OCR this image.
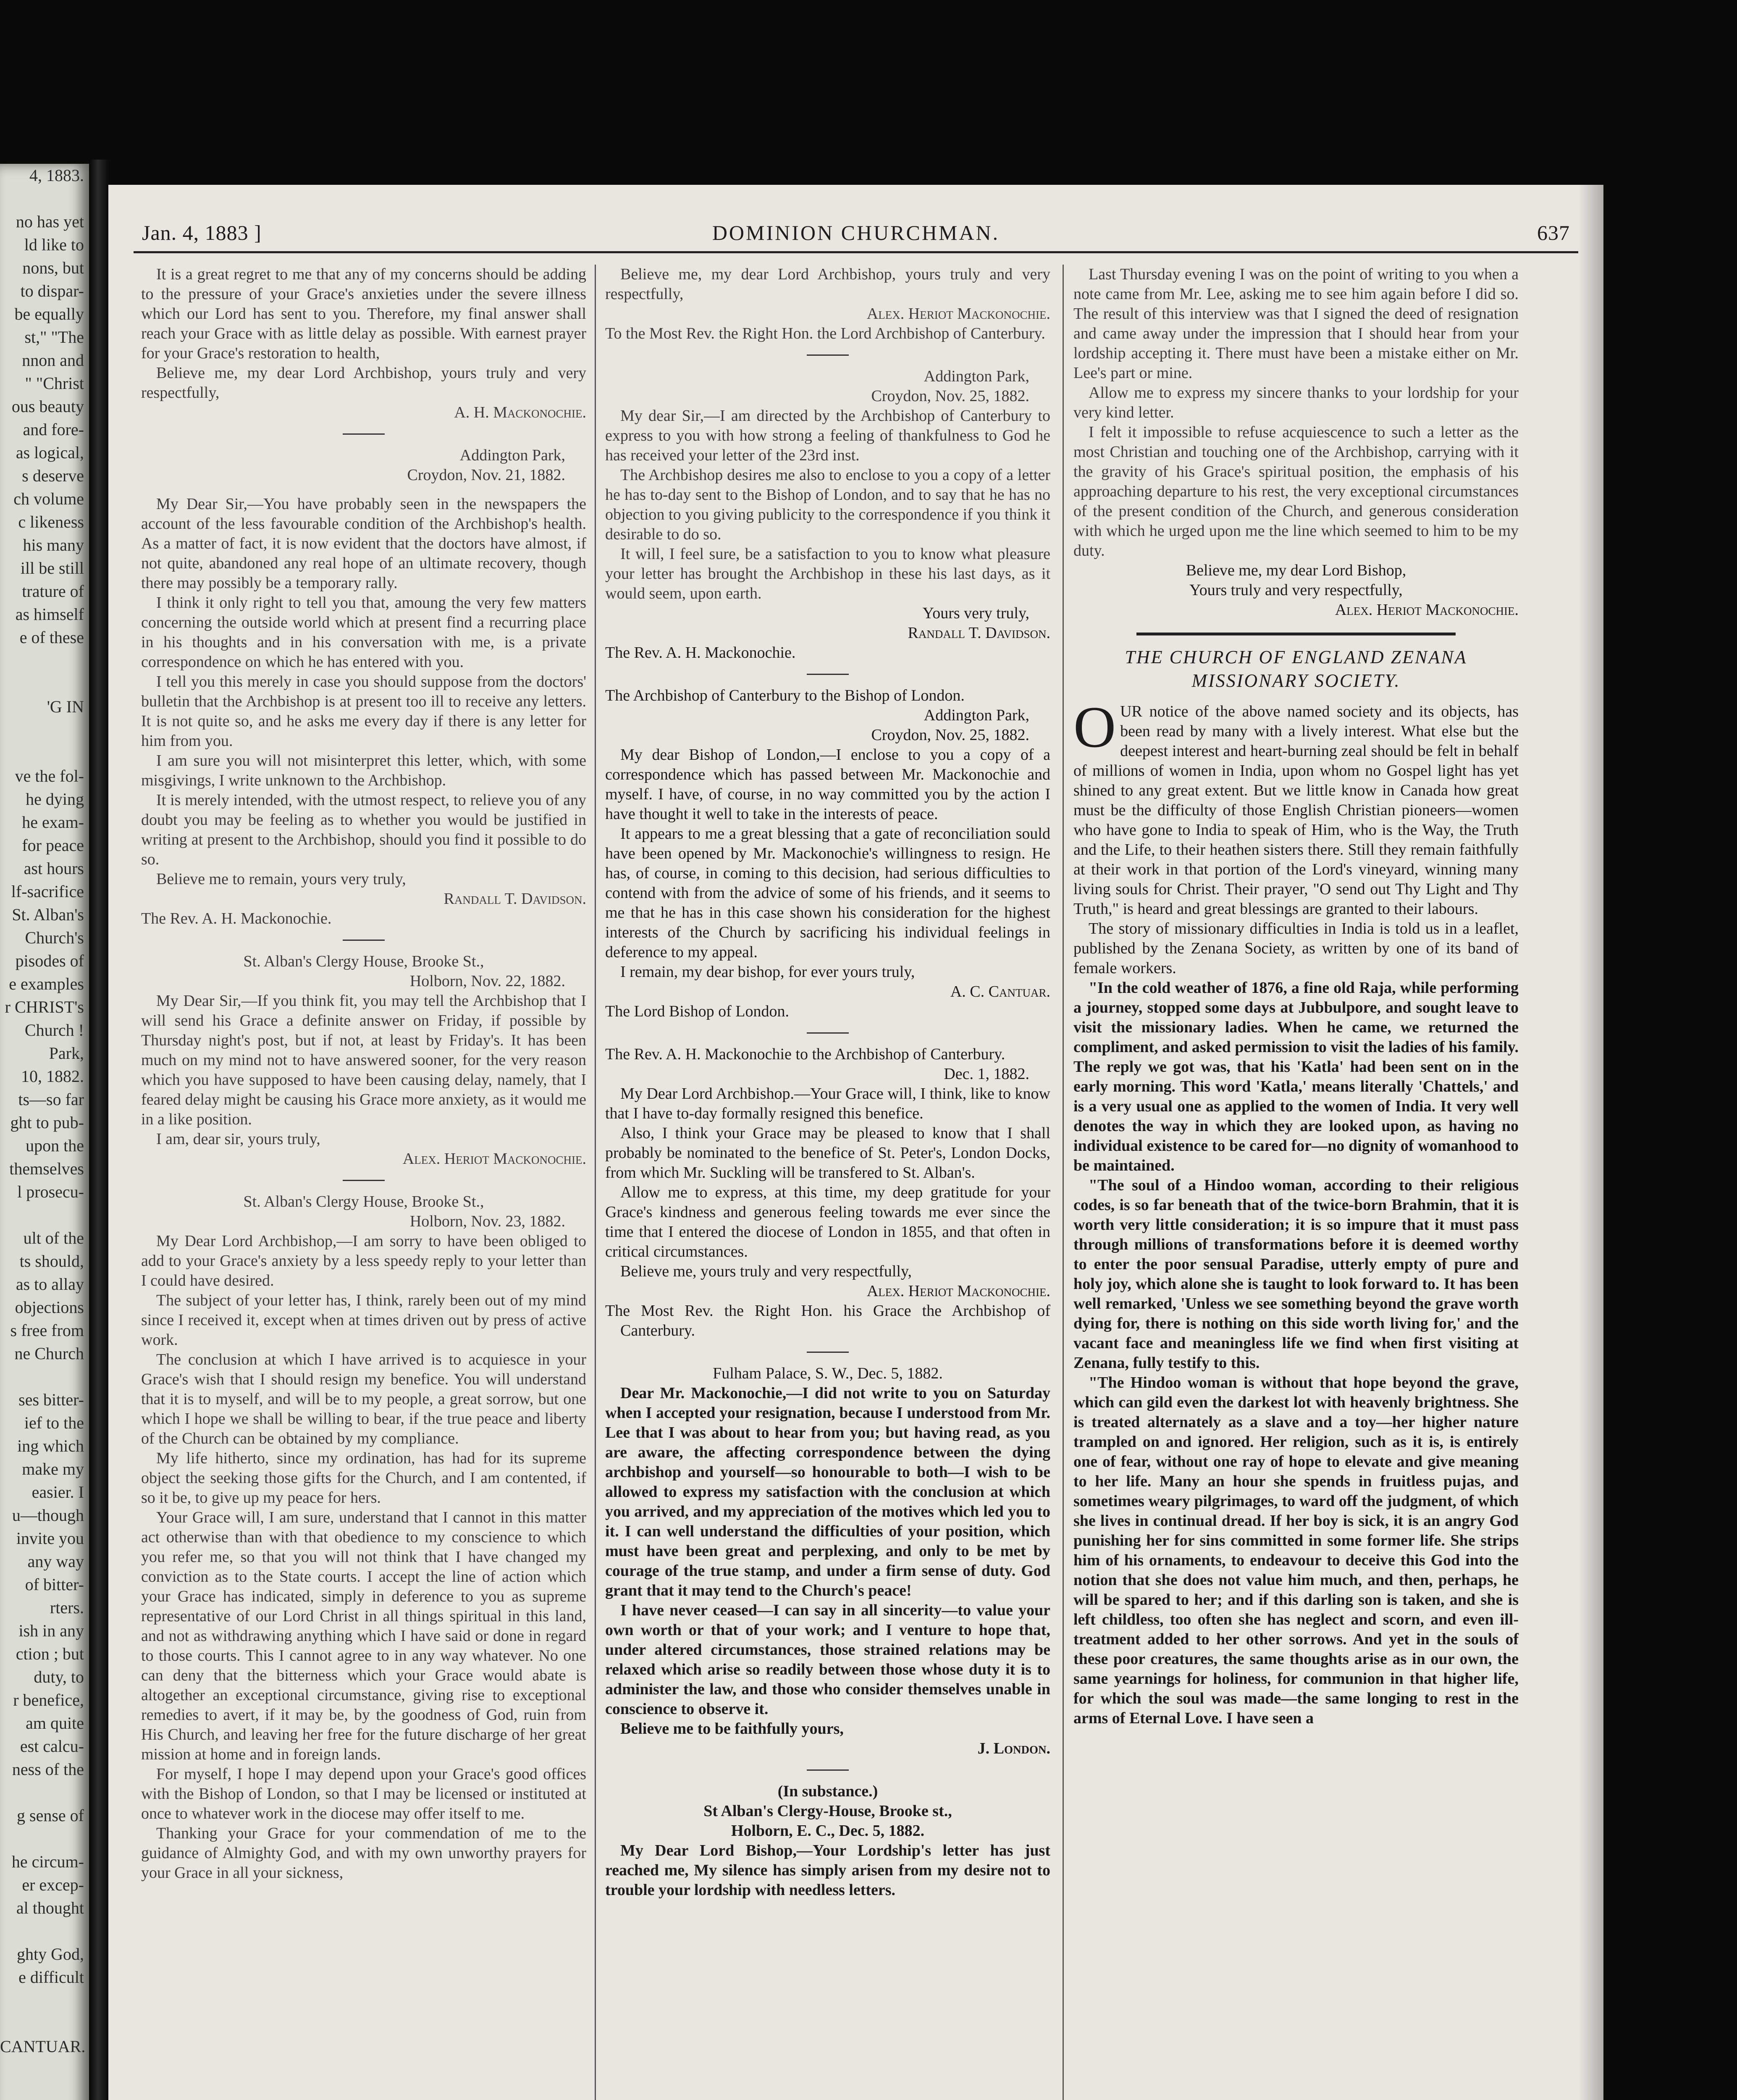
4, 1883.

no has yet
ld like to
nons, but
to dispar-
be equally
st," "The
nnon and
" "Christ
ous beauty
and fore-
as logical,
s deserve
ch volume
c likeness
his many
ill be still
trature of
as himself
e of these

'G IN

ve the fol-
he dying
he exam-
for peace
ast hours
lf-sacrifice
St. Alban's
Church's
pisodes of
e examples
r CHRIST's
Church !
Park,
10, 1882.
ts—so far
ght to pub-
upon the
themselves
l prosecu-

ult of the
ts should,
as to allay
objections
s free from
ne Church

ses bitter-
ief to the
ing which
make my
easier. I
u—though
invite you
any way
of bitter-
rters.
ish in any
ction ; but
duty, to
r benefice,
am quite
est calcu-
ness of the

g sense of

he circum-
er excep-
al thought

ghty God,
e difficult

CANTUAR.

Jan. 4, 1883 ]	DOMINION CHURCHMAN.	637

It is a great regret to me that any of my concerns should be adding to the pressure of your Grace's anxieties under the severe illness which our Lord has sent to you. Therefore, my final answer shall reach your Grace with as little delay as possible. With earnest prayer for your Grace's restoration to health,

Believe me, my dear Lord Archbishop, yours truly and very respectfully,

A. H. Mackonochie.

Addington Park,

Croydon, Nov. 21, 1882.

My Dear Sir,—You have probably seen in the newspapers the account of the less favourable condition of the Archbishop's health. As a matter of fact, it is now evident that the doctors have almost, if not quite, abandoned any real hope of an ultimate recovery, though there may possibly be a temporary rally.

I think it only right to tell you that, amoung the very few matters concerning the outside world which at present find a recurring place in his thoughts and in his conversation with me, is a private correspondence on which he has entered with you.

I tell you this merely in case you should suppose from the doctors' bulletin that the Archbishop is at present too ill to receive any letters. It is not quite so, and he asks me every day if there is any letter for him from you.

I am sure you will not misinterpret this letter, which, with some misgivings, I write unknown to the Archbishop.

It is merely intended, with the utmost respect, to relieve you of any doubt you may be feeling as to whether you would be justified in writing at present to the Archbishop, should you find it possible to do so.

Believe me to remain, yours very truly,

Randall T. Davidson.

The Rev. A. H. Mackonochie.

St. Alban's Clergy House, Brooke St.,

Holborn, Nov. 22, 1882.

My Dear Sir,—If you think fit, you may tell the Archbishop that I will send his Grace a definite answer on Friday, if possible by Thursday night's post, but if not, at least by Friday's. It has been much on my mind not to have answered sooner, for the very reason which you have supposed to have been causing delay, namely, that I feared delay might be causing his Grace more anxiety, as it would me in a like position.

I am, dear sir, yours truly,

Alex. Heriot Mackonochie.

St. Alban's Clergy House, Brooke St.,

Holborn, Nov. 23, 1882.

My Dear Lord Archbishop,—I am sorry to have been obliged to add to your Grace's anxiety by a less speedy reply to your letter than I could have desired.

The subject of your letter has, I think, rarely been out of my mind since I received it, except when at times driven out by press of active work.

The conclusion at which I have arrived is to acquiesce in your Grace's wish that I should resign my benefice. You will understand that it is to myself, and will be to my people, a great sorrow, but one which I hope we shall be willing to bear, if the true peace and liberty of the Church can be obtained by my compliance.

My life hitherto, since my ordination, has had for its supreme object the seeking those gifts for the Church, and I am contented, if so it be, to give up my peace for hers.

Your Grace will, I am sure, understand that I cannot in this matter act otherwise than with that obedience to my conscience to which you refer me, so that you will not think that I have changed my conviction as to the State courts. I accept the line of action which your Grace has indicated, simply in deference to you as supreme representative of our Lord Christ in all things spiritual in this land, and not as withdrawing anything which I have said or done in regard to those courts. This I cannot agree to in any way whatever. No one can deny that the bitterness which your Grace would abate is altogether an exceptional circumstance, giving rise to exceptional remedies to avert, if it may be, by the goodness of God, ruin from His Church, and leaving her free for the future discharge of her great mission at home and in foreign lands.

For myself, I hope I may depend upon your Grace's good offices with the Bishop of London, so that I may be licensed or instituted at once to whatever work in the diocese may offer itself to me.

Thanking your Grace for your commendation of me to the guidance of Almighty God, and with my own unworthy prayers for your Grace in all your sickness,

Believe me, my dear Lord Archbishop, yours truly and very respectfully,

Alex. Heriot Mackonochie.

To the Most Rev. the Right Hon. the Lord Archbishop of Canterbury.

Addington Park,

Croydon, Nov. 25, 1882.

My dear Sir,—I am directed by the Archbishop of Canterbury to express to you with how strong a feeling of thankfulness to God he has received your letter of the 23rd inst.

The Archbishop desires me also to enclose to you a copy of a letter he has to-day sent to the Bishop of London, and to say that he has no objection to you giving publicity to the correspondence if you think it desirable to do so.

It will, I feel sure, be a satisfaction to you to know what pleasure your letter has brought the Archbishop in these his last days, as it would seem, upon earth.

Yours very truly,

Randall T. Davidson.

The Rev. A. H. Mackonochie.

The Archbishop of Canterbury to the Bishop of London.

Addington Park,

Croydon, Nov. 25, 1882.

My dear Bishop of London,—I enclose to you a copy of a correspondence which has passed between Mr. Mackonochie and myself. I have, of course, in no way committed you by the action I have thought it well to take in the interests of peace.

It appears to me a great blessing that a gate of reconciliation sould have been opened by Mr. Mackonochie's willingness to resign. He has, of course, in coming to this decision, had serious difficulties to contend with from the advice of some of his friends, and it seems to me that he has in this case shown his consideration for the highest interests of the Church by sacrificing his individual feelings in deference to my appeal.

I remain, my dear bishop, for ever yours truly,

A. C. Cantuar.

The Lord Bishop of London.

The Rev. A. H. Mackonochie to the Archbishop of Canterbury.

Dec. 1, 1882.

My Dear Lord Archbishop.—Your Grace will, I think, like to know that I have to-day formally resigned this benefice.

Also, I think your Grace may be pleased to know that I shall probably be nominated to the benefice of St. Peter's, London Docks, from which Mr. Suckling will be transfered to St. Alban's.

Allow me to express, at this time, my deep gratitude for your Grace's kindness and generous feeling towards me ever since the time that I entered the diocese of London in 1855, and that often in critical circumstances.

Believe me, yours truly and very respectfully,

Alex. Heriot Mackonochie.

The Most Rev. the Right Hon. his Grace the Archbishop of Canterbury.

Fulham Palace, S. W., Dec. 5, 1882.

Dear Mr. Mackonochie,—I did not write to you on Saturday when I accepted your resignation, because I understood from Mr. Lee that I was about to hear from you; but having read, as you are aware, the affecting correspondence between the dying archbishop and yourself—so honourable to both—I wish to be allowed to express my satisfaction with the conclusion at which you arrived, and my appreciation of the motives which led you to it. I can well understand the difficulties of your position, which must have been great and perplexing, and only to be met by courage of the true stamp, and under a firm sense of duty. God grant that it may tend to the Church's peace!

I have never ceased—I can say in all sincerity—to value your own worth or that of your work; and I venture to hope that, under altered circumstances, those strained relations may be relaxed which arise so readily between those whose duty it is to administer the law, and those who consider themselves unable in conscience to observe it.

Believe me to be faithfully yours,

J. London.

(In substance.)

St Alban's Clergy-House, Brooke st.,

Holborn, E. C., Dec. 5, 1882.

My Dear Lord Bishop,—Your Lordship's letter has just reached me, My silence has simply arisen from my desire not to trouble your lordship with needless letters.

Last Thursday evening I was on the point of writing to you when a note came from Mr. Lee, asking me to see him again before I did so. The result of this interview was that I signed the deed of resignation and came away under the impression that I should hear from your lordship accepting it. There must have been a mistake either on Mr. Lee's part or mine.

Allow me to express my sincere thanks to your lordship for your very kind letter.

I felt it impossible to refuse acquiescence to such a letter as the most Christian and touching one of the Archbishop, carrying with it the gravity of his Grace's spiritual position, the emphasis of his approaching departure to his rest, the very exceptional circumstances of the present condition of the Church, and generous consideration with which he urged upon me the line which seemed to him to be my duty.

Believe me, my dear Lord Bishop,

Yours truly and very respectfully,

Alex. Heriot Mackonochie.

THE CHURCH OF ENGLAND ZENANA
MISSIONARY SOCIETY.

OUR notice of the above named society and its objects, has been read by many with a lively interest. What else but the deepest interest and heart-burning zeal should be felt in behalf of millions of women in India, upon whom no Gospel light has yet shined to any great extent. But we little know in Canada how great must be the difficulty of those English Christian pioneers—women who have gone to India to speak of Him, who is the Way, the Truth and the Life, to their heathen sisters there. Still they remain faithfully at their work in that portion of the Lord's vineyard, winning many living souls for Christ. Their prayer, "O send out Thy Light and Thy Truth," is heard and great blessings are granted to their labours.

The story of missionary difficulties in India is told us in a leaflet, published by the Zenana Society, as written by one of its band of female workers.

"In the cold weather of 1876, a fine old Raja, while performing a journey, stopped some days at Jubbulpore, and sought leave to visit the missionary ladies. When he came, we returned the compliment, and asked permission to visit the ladies of his family. The reply we got was, that his 'Katla' had been sent on in the early morning. This word 'Katla,' means literally 'Chattels,' and is a very usual one as applied to the women of India. It very well denotes the way in which they are looked upon, as having no individual existence to be cared for—no dignity of womanhood to be maintained.

"The soul of a Hindoo woman, according to their religious codes, is so far beneath that of the twice-born Brahmin, that it is worth very little consideration; it is so impure that it must pass through millions of transformations before it is deemed worthy to enter the poor sensual Paradise, utterly empty of pure and holy joy, which alone she is taught to look forward to. It has been well remarked, 'Unless we see something beyond the grave worth dying for, there is nothing on this side worth living for,' and the vacant face and meaningless life we find when first visiting at Zenana, fully testify to this.

"The Hindoo woman is without that hope beyond the grave, which can gild even the darkest lot with heavenly brightness. She is treated alternately as a slave and a toy—her higher nature trampled on and ignored. Her religion, such as it is, is entirely one of fear, without one ray of hope to elevate and give meaning to her life. Many an hour she spends in fruitless pujas, and sometimes weary pilgrimages, to ward off the judgment, of which she lives in continual dread. If her boy is sick, it is an angry God punishing her for sins committed in some former life. She strips him of his ornaments, to endeavour to deceive this God into the notion that she does not value him much, and then, perhaps, he will be spared to her; and if this darling son is taken, and she is left childless, too often she has neglect and scorn, and even ill-treatment added to her other sorrows. And yet in the souls of these poor creatures, the same thoughts arise as in our own, the same yearnings for holiness, for communion in that higher life, for which the soul was made—the same longing to rest in the arms of Eternal Love. I have seen a
